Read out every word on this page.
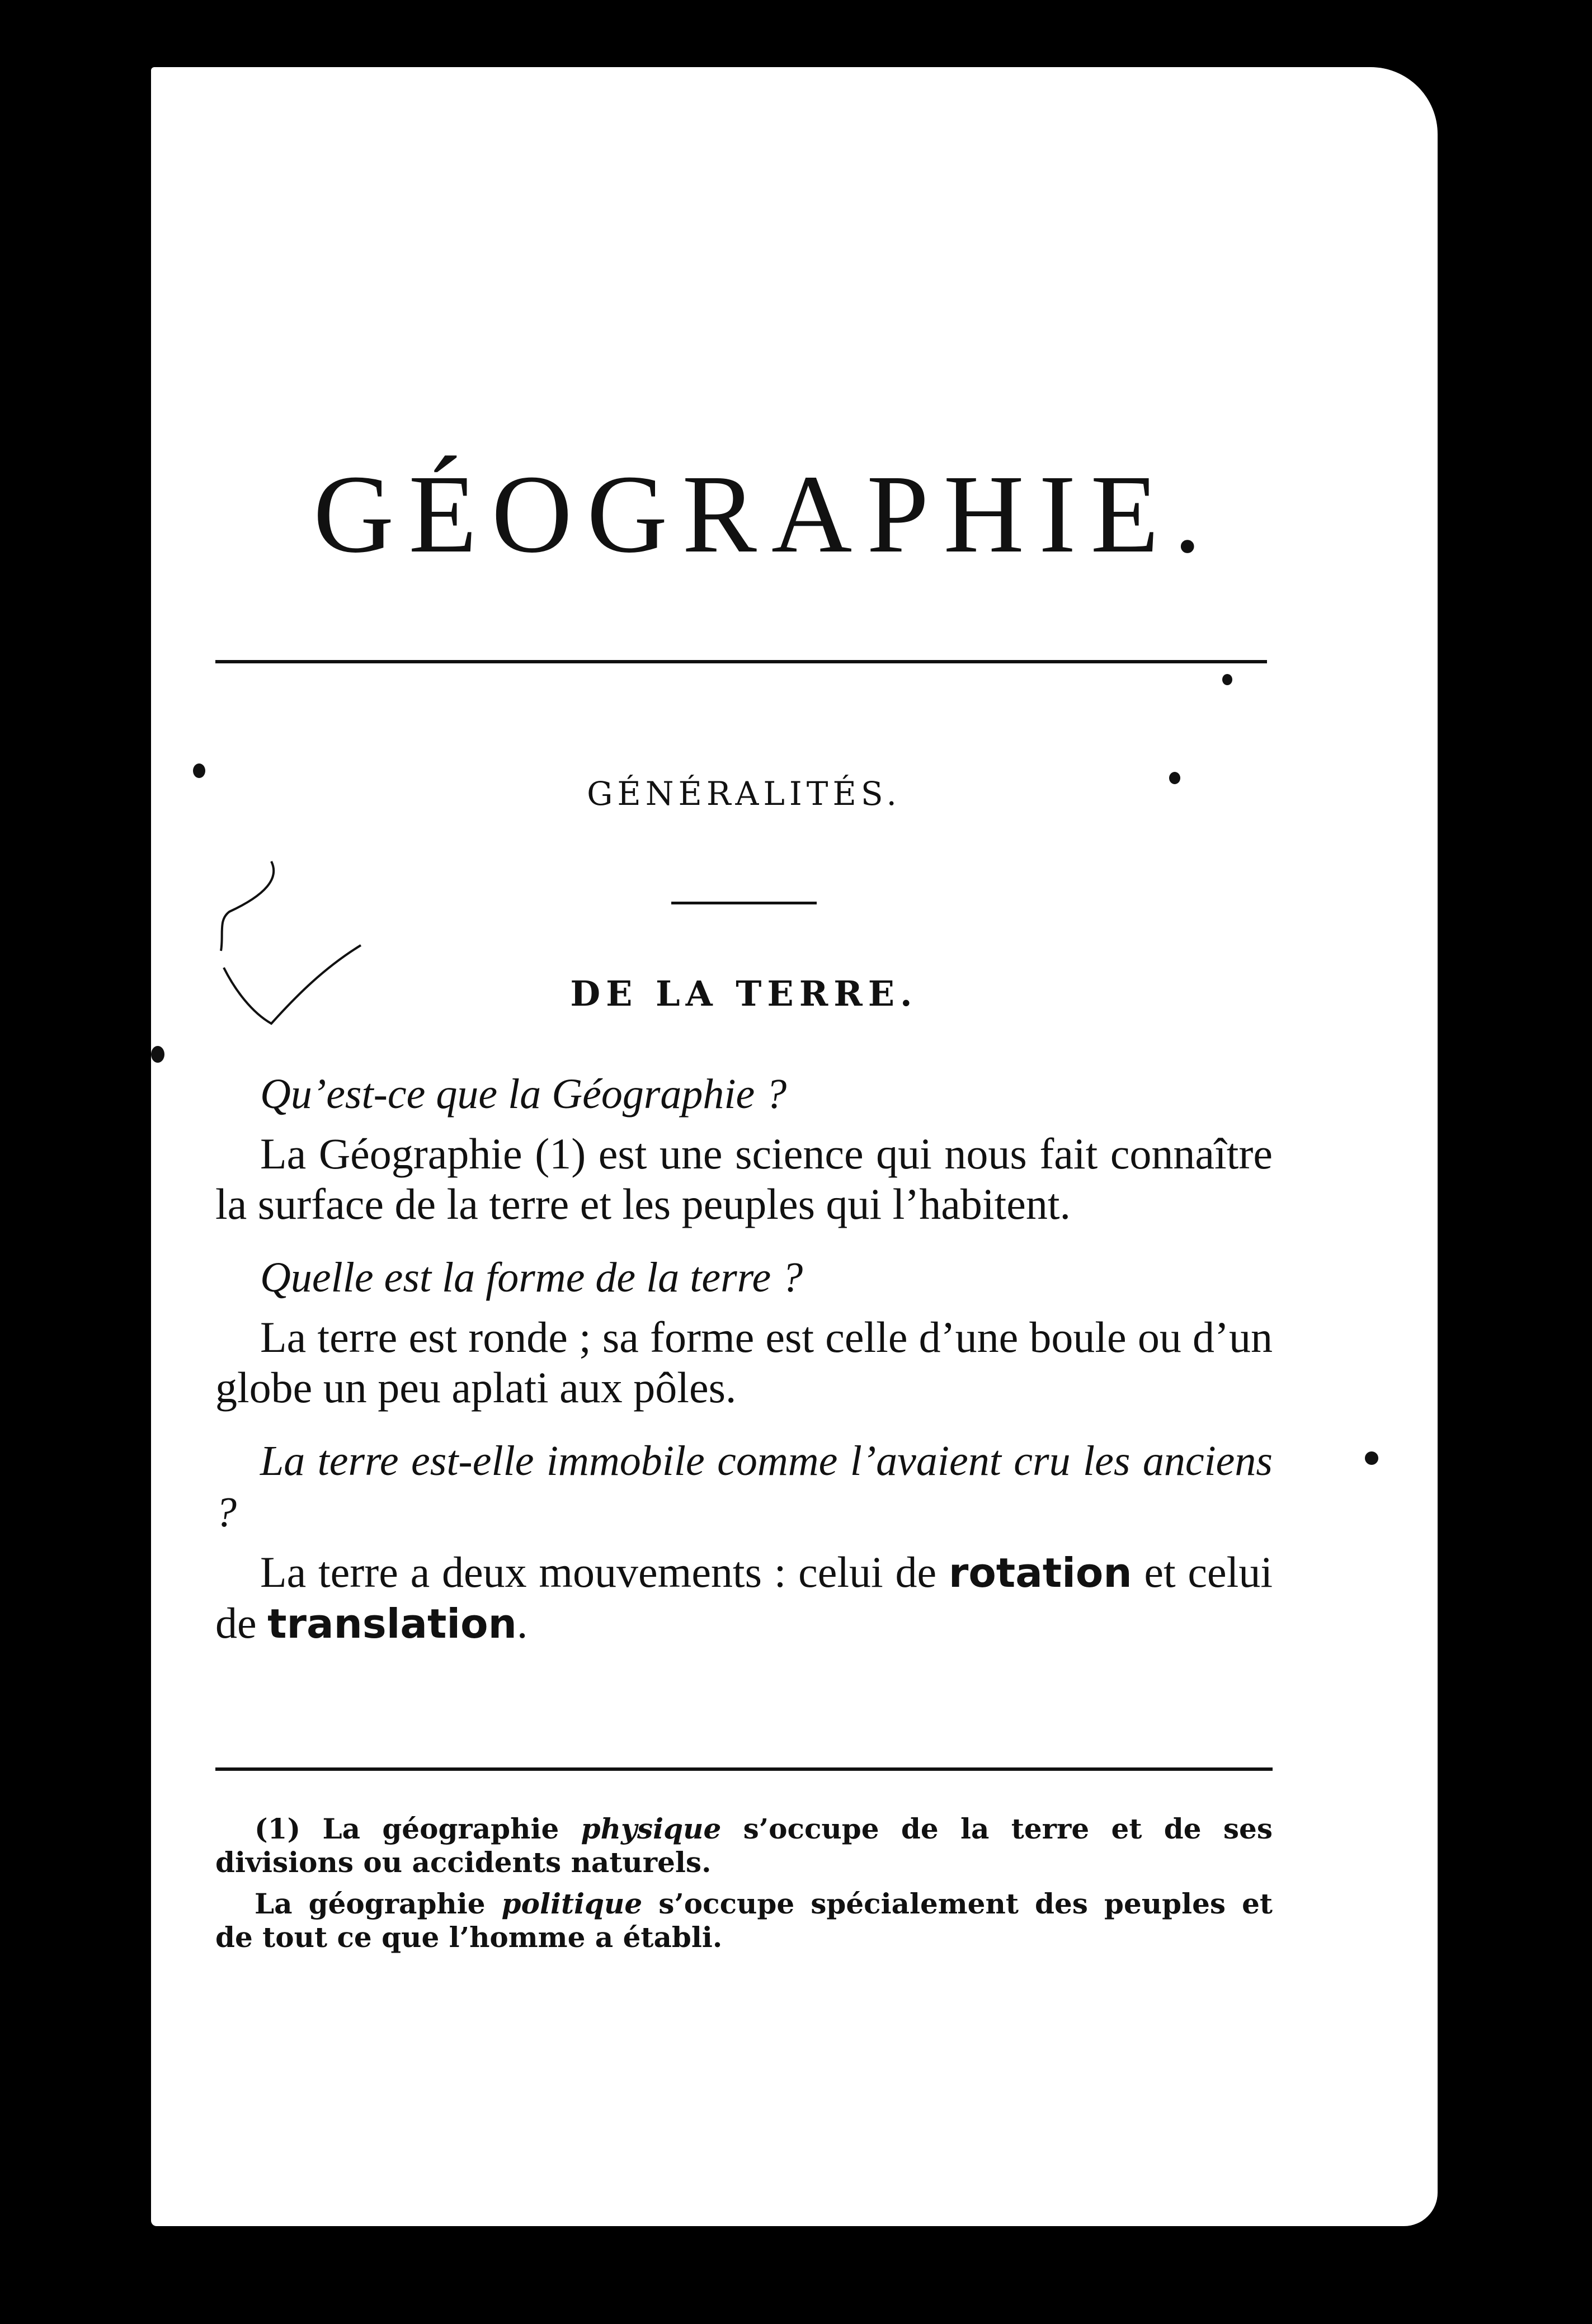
GÉOGRAPHIE.
GÉNÉRALITÉS.
DE LA TERRE.

Qu’est-ce que la Géographie ?

La Géographie (1) est une science qui nous fait connaître la surface de la terre et les peuples qui l’habitent.

Quelle est la forme de la terre ?

La terre est ronde ; sa forme est celle d’une boule ou d’un globe un peu aplati aux pôles.

La terre est-elle immobile comme l’avaient cru les anciens ?

La terre a deux mouvements : celui de rotation et celui de translation.

(1) La géographie physique s’occupe de la terre et de ses divisions ou accidents naturels.

La géographie politique s’occupe spécialement des peuples et de tout ce que l’homme a établi.
